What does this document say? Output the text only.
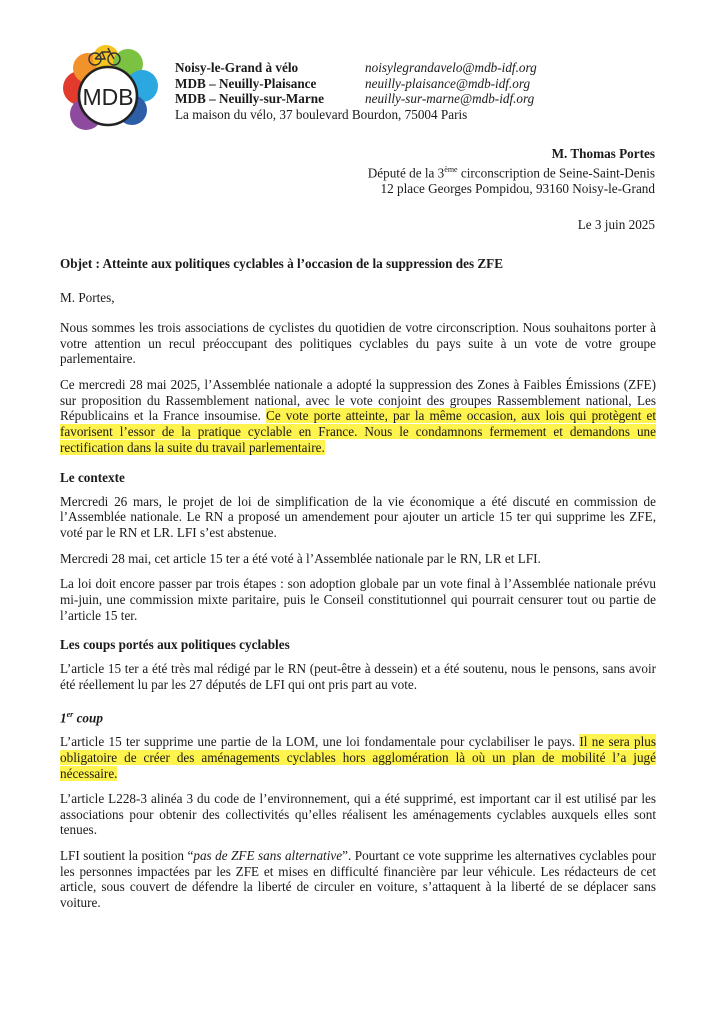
MDB
Noisy-le-Grand à vélo	noisylegrandavelo@mdb-idf.org
MDB – Neuilly-Plaisance	neuilly-plaisance@mdb-idf.org
MDB – Neuilly-sur-Marne	neuilly-sur-marne@mdb-idf.org
La maison du vélo, 37 boulevard Bourdon, 75004 Paris
M. Thomas Portes
Député de la 3ème circonscription de Seine-Saint-Denis
12 place Georges Pompidou, 93160 Noisy-le-Grand
Le 3 juin 2025
Objet : Atteinte aux politiques cyclables à l’occasion de la suppression des ZFE

M. Portes,

Nous sommes les trois associations de cyclistes du quotidien de votre circonscription. Nous souhaitons porter à votre attention un recul préoccupant des politiques cyclables du pays suite à un vote de votre groupe parlementaire.

Ce mercredi 28 mai 2025, l’Assemblée nationale a adopté la suppression des Zones à Faibles Émissions (ZFE) sur proposition du Rassemblement national, avec le vote conjoint des groupes Rassemblement national, Les Républicains et la France insoumise. Ce vote porte atteinte, par la même occasion, aux lois qui protègent et favorisent l’essor de la pratique cyclable en France. Nous le condamnons fermement et demandons une rectification dans la suite du travail parlementaire.

Le contexte

Mercredi 26 mars, le projet de loi de simplification de la vie économique a été discuté en commission de l’Assemblée nationale. Le RN a proposé un amendement pour ajouter un article 15 ter qui supprime les ZFE, voté par le RN et LR. LFI s’est abstenue.

Mercredi 28 mai, cet article 15 ter a été voté à l’Assemblée nationale par le RN, LR et LFI.

La loi doit encore passer par trois étapes : son adoption globale par un vote final à l’Assemblée nationale prévu mi-juin, une commission mixte paritaire, puis le Conseil constitutionnel qui pourrait censurer tout ou partie de l’article 15 ter.

Les coups portés aux politiques cyclables

L’article 15 ter a été très mal rédigé par le RN (peut-être à dessein) et a été soutenu, nous le pensons, sans avoir été réellement lu par les 27 députés de LFI qui ont pris part au vote.

1er coup

L’article 15 ter supprime une partie de la LOM, une loi fondamentale pour cyclabiliser le pays. Il ne sera plus obligatoire de créer des aménagements cyclables hors agglomération là où un plan de mobilité l’a jugé nécessaire.

L’article L228-3 alinéa 3 du code de l’environnement, qui a été supprimé, est important car il est utilisé par les associations pour obtenir des collectivités qu’elles réalisent les aménagements cyclables auxquels elles sont tenues.

LFI soutient la position “pas de ZFE sans alternative”. Pourtant ce vote supprime les alternatives cyclables pour les personnes impactées par les ZFE et mises en difficulté financière par leur véhicule. Les rédacteurs de cet article, sous couvert de défendre la liberté de circuler en voiture, s’attaquent à la liberté de se déplacer sans voiture.
